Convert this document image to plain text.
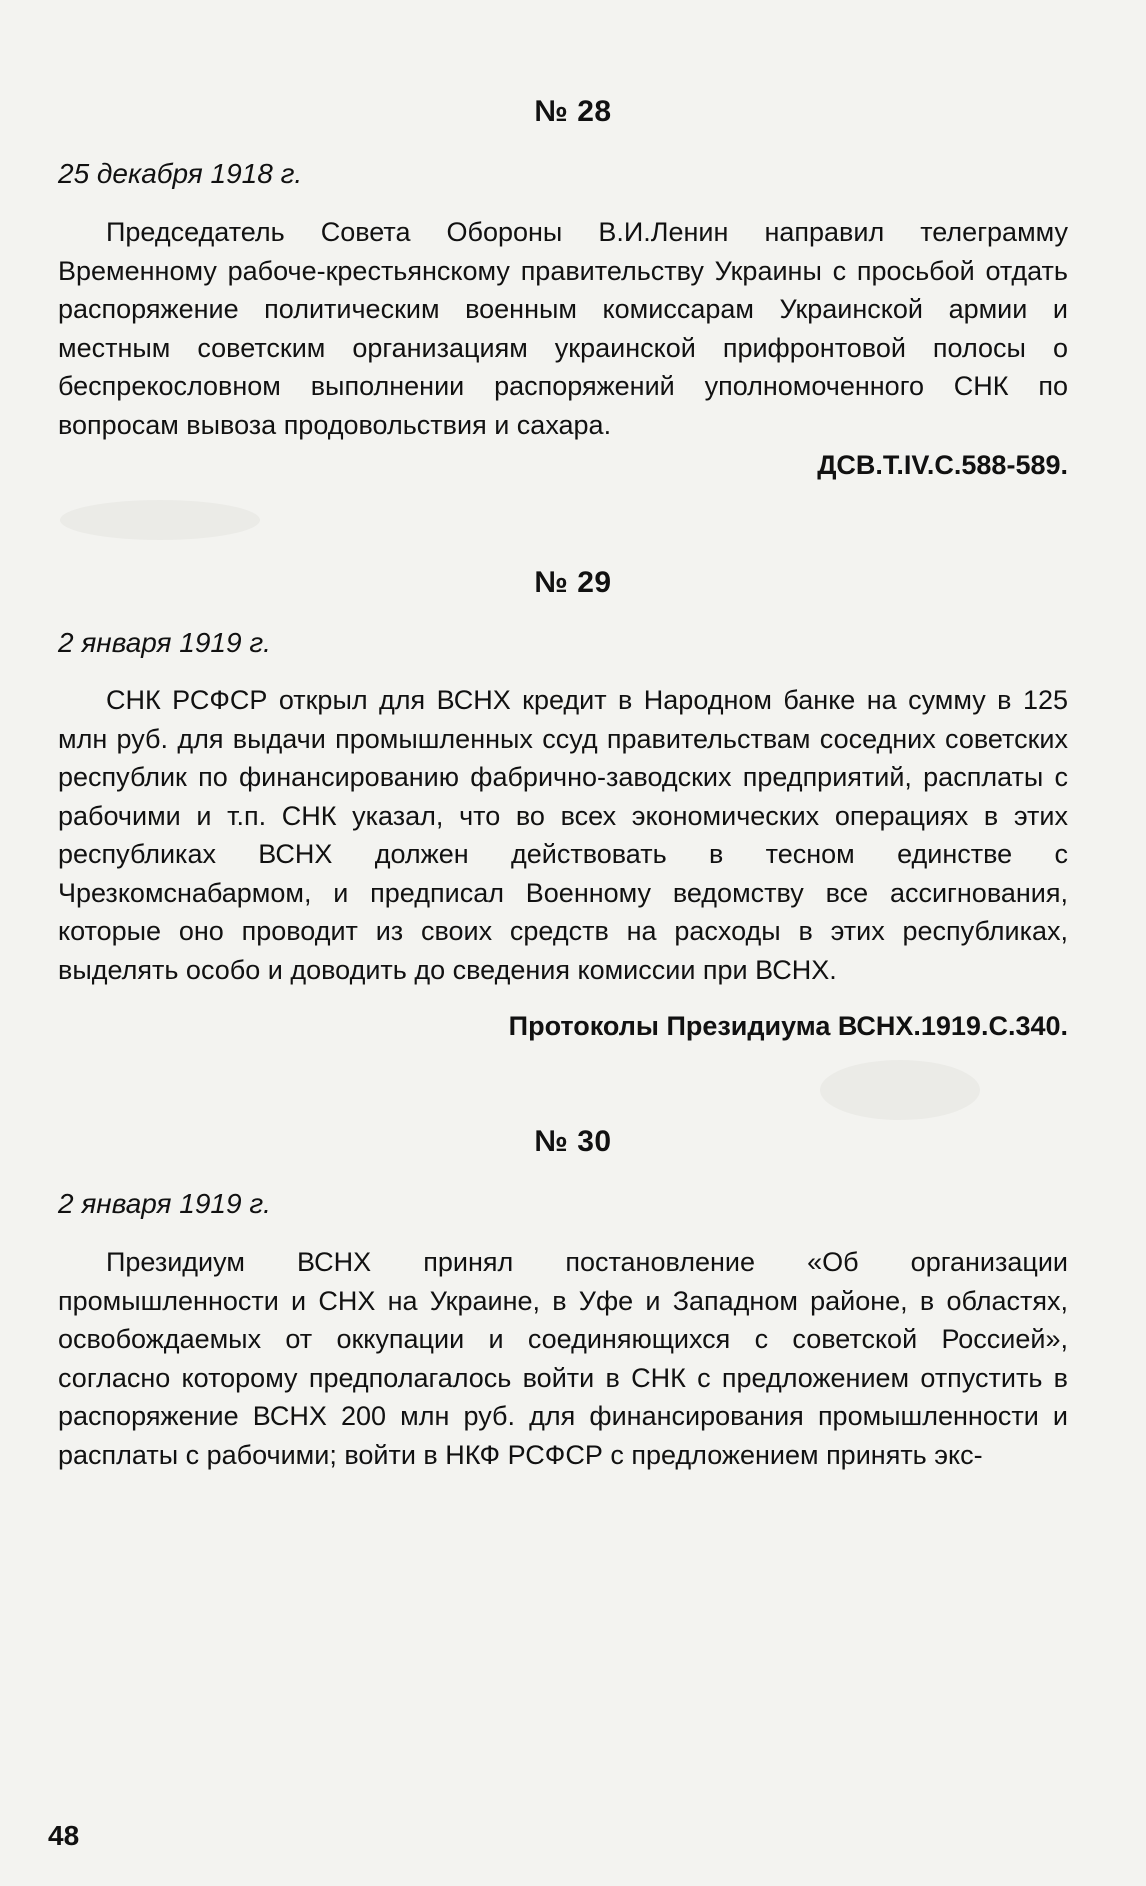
№ 28
25 декабря 1918 г.

Председатель Совета Обороны В.И.Ленин направил телеграмму Временному рабоче-крестьянскому правительству Украины с просьбой отдать распоряжение политическим военным комиссарам Украинской армии и местным советским организациям украинской прифронтовой полосы о беспрекословном выполнении распоряжений уполномоченного СНК по вопросам вывоза продовольствия и сахара.

ДСВ.Т.IV.С.588-589.
№ 29
2 января 1919 г.

СНК РСФСР открыл для ВСНХ кредит в Народном банке на сумму в 125 млн руб. для выдачи промышленных ссуд правительствам соседних советских республик по финансированию фабрично-заводских предприятий, расплаты с рабочими и т.п. СНК указал, что во всех экономических операциях в этих республиках ВСНХ должен действовать в тесном единстве с Чрезкомснабармом, и предписал Военному ведомству все ассигнования, которые оно проводит из своих средств на расходы в этих республиках, выделять особо и доводить до сведения комиссии при ВСНХ.

Протоколы Президиума ВСНХ.1919.С.340.
№ 30
2 января 1919 г.

Президиум ВСНХ принял постановление «Об организации промышленности и СНХ на Украине, в Уфе и Западном районе, в областях, освобождаемых от оккупации и соединяющихся с советской Россией», согласно которому предполагалось войти в СНК с предложением отпустить в распоряжение ВСНХ 200 млн руб. для финансирования промышленности и расплаты с рабочими; войти в НКФ РСФСР с предложением принять экс-

48
